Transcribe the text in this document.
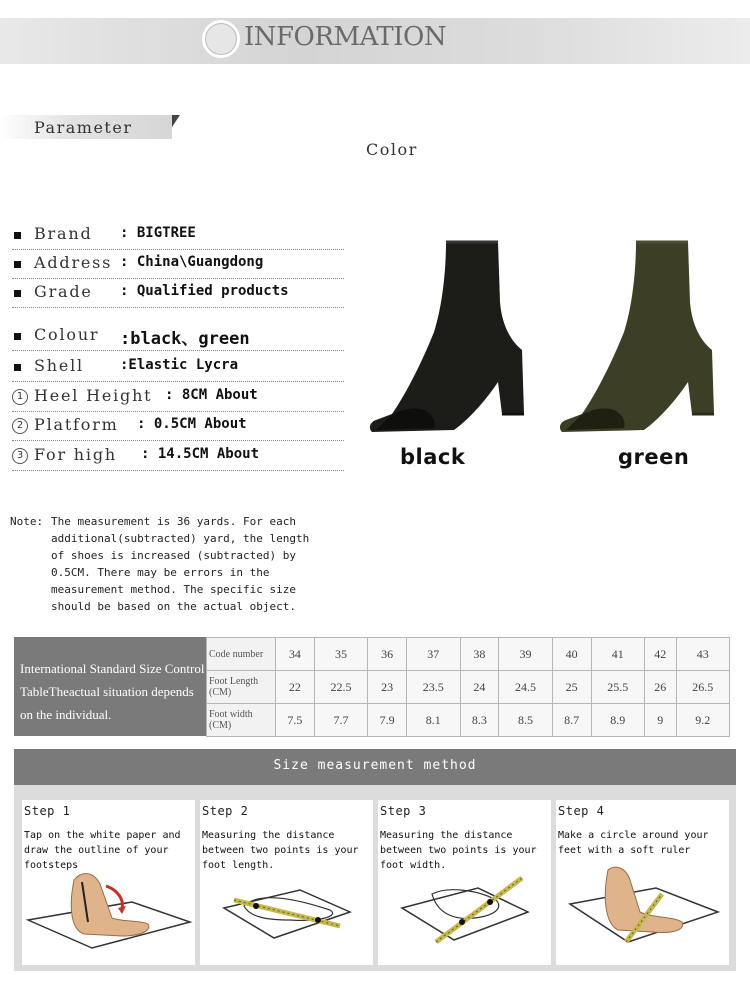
INFORMATION
Parameter
Color
Brand : BIGTREE
Address : China\Guangdong
Grade : Qualified products
Colour :black、green
Shell	:Elastic Lycra
1 Heel Height : 8CM About
2 Platform : 0.5CM About
3 For high : 14.5CM About	black	green
Note: The measurement is 36 yards. For each
additional(subtracted) yard, the length
of shoes is increased (subtracted) by
0.5CM. There may be errors in the
measurement method. The specific size
should be based on the actual object.
International Standard Size Control TableTheactual situation depends on the individual.
Code number	34	35	36	37	38	39	40	41	42	43
Foot Length (CM)	22	22.5	23	23.5	24	24.5	25	25.5	26	26.5
Foot width (CM)	7.5	7.7	7.9	8.1	8.3	8.5	8.7	8.9	9	9.2
Size measurement method
Step 1
Tap on the white paper and draw the outline of your footsteps
Step 2
Measuring the distance between two points is your foot length.
Step 3
Measuring the distance between two points is your foot width.
Step 4
Make a circle around your feet with a soft ruler
